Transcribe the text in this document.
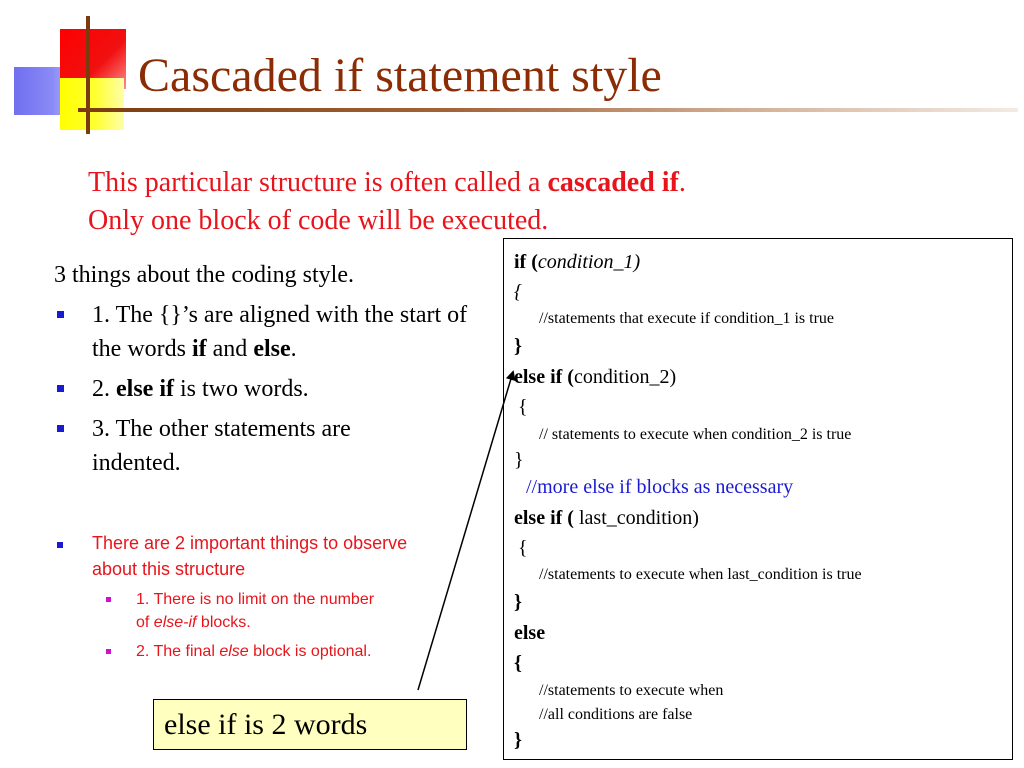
Cascaded if statement style
This particular structure is often called a cascaded if.
Only one block of code will be executed.
3 things about the coding style.
1. The {}’s are aligned with the start of the words if and else.
2. else if is two words.
3. The other statements are indented.
There are 2 important things to observe about this structure
1. There is no limit on the number of else-if blocks.
2. The final else block is optional.
if (condition_1)
{
//statements that execute if condition_1 is true
}
else if (condition_2)
{
// statements to execute when condition_2 is true
}
//more else if blocks as necessary
else if ( last_condition)
{
//statements to execute when last_condition is true
}
else
{
//statements to execute when
//all conditions are false
}
else if is 2 words
